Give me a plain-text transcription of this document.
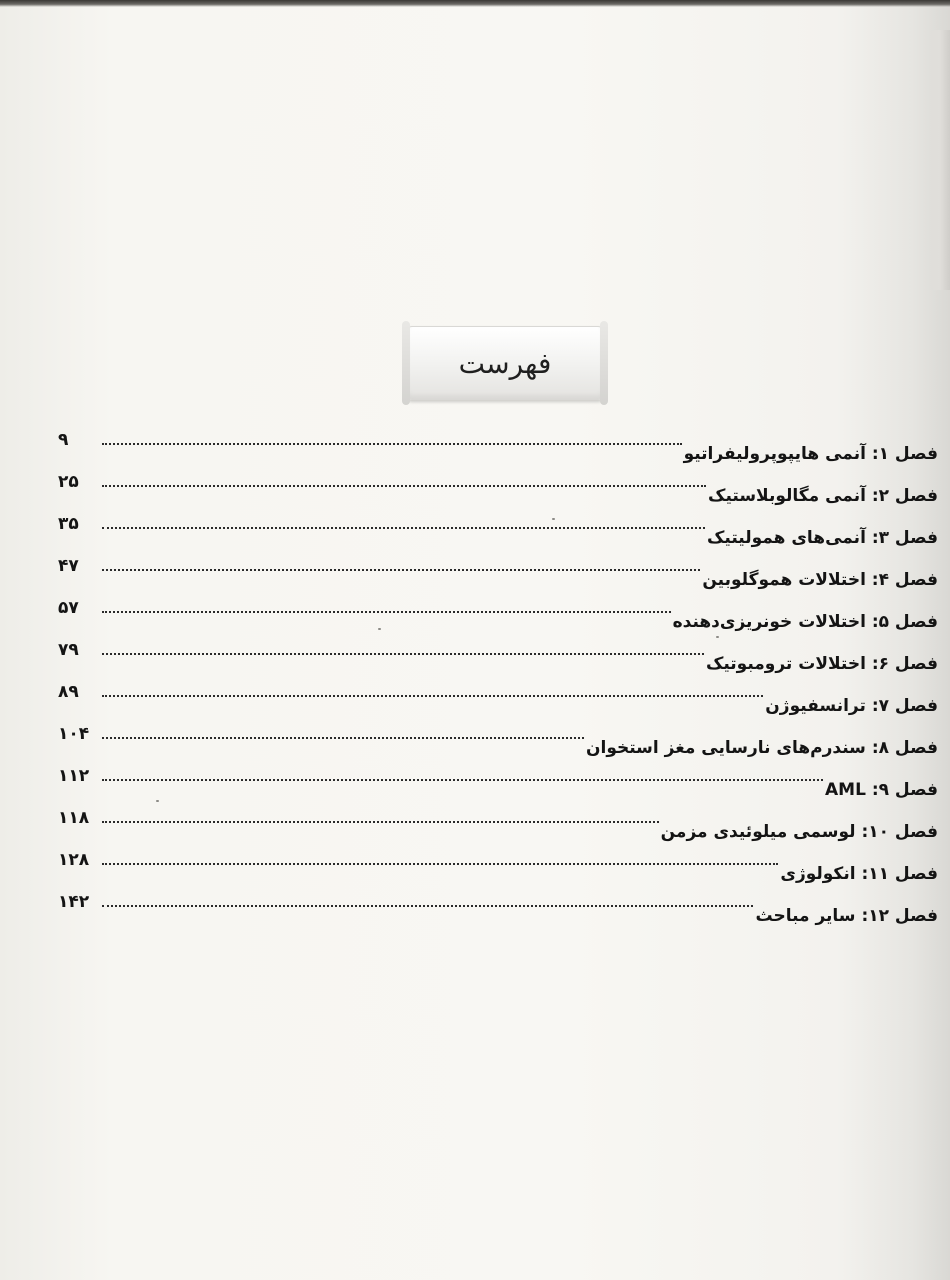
فهرست
فصل ۱: آنمی هایپوپرولیفراتیو
۹
فصل ۲: آنمی مگالوبلاستیک
۲۵
فصل ۳: آنمی‌های همولیتیک
۳۵
فصل ۴: اختلالات هموگلوبین
۴۷
فصل ۵: اختلالات خونریزی‌دهنده
۵۷
فصل ۶: اختلالات ترومبوتیک
۷۹
فصل ۷: ترانسفیوژن
۸۹
فصل ۸: سندرم‌های نارسایی مغز استخوان
۱۰۴
فصل ۹: AML
۱۱۲
فصل ۱۰: لوسمی میلوئیدی مزمن
۱۱۸
فصل ۱۱: انکولوژی
۱۲۸
فصل ۱۲: سایر مباحث
۱۴۲
